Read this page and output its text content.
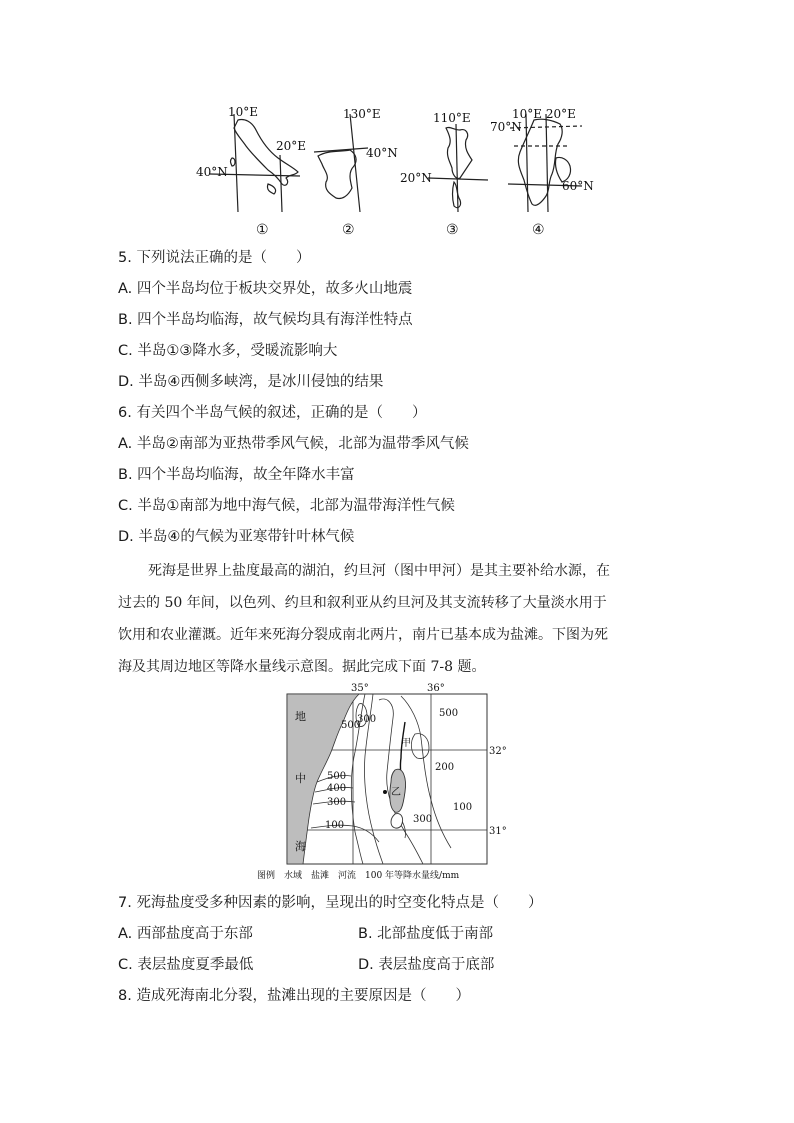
10°E
20°E
40°N
130°E
40°N
110°E
20°N
10°E 20°E
70°N
60°N
①	②	③	④
5. 下列说法正确的是（　　）
A. 四个半岛均位于板块交界处，故多火山地震
B. 四个半岛均临海，故气候均具有海洋性特点
C. 半岛①③降水多，受暖流影响大
D. 半岛④西侧多峡湾，是冰川侵蚀的结果
6. 有关四个半岛气候的叙述，正确的是（　　）
A. 半岛②南部为亚热带季风气候，北部为温带季风气候
B. 四个半岛均临海，故全年降水丰富
C. 半岛①南部为地中海气候，北部为温带海洋性气候
D. 半岛④的气候为亚寒带针叶林气候
死海是世界上盐度最高的湖泊，约旦河（图中甲河）是其主要补给水源，在
过去的 50 年间，以色列、约旦和叙利亚从约旦河及其支流转移了大量淡水用于
饮用和农业灌溉。近年来死海分裂成南北两片，南片已基本成为盐滩。下图为死
海及其周边地区等降水量线示意图。据此完成下面 7-8 题。
35°	36°
32°
31°
地
中
海
甲
乙
300
500
500
200
500
400
300
100
300
100
图例　水域　盐滩　河流　100 年等降水量线/mm
7. 死海盐度受多种因素的影响，呈现出的时空变化特点是（　　）
A. 西部盐度高于东部	B. 北部盐度低于南部
C. 表层盐度夏季最低	D. 表层盐度高于底部
8. 造成死海南北分裂，盐滩出现的主要原因是（　　）
